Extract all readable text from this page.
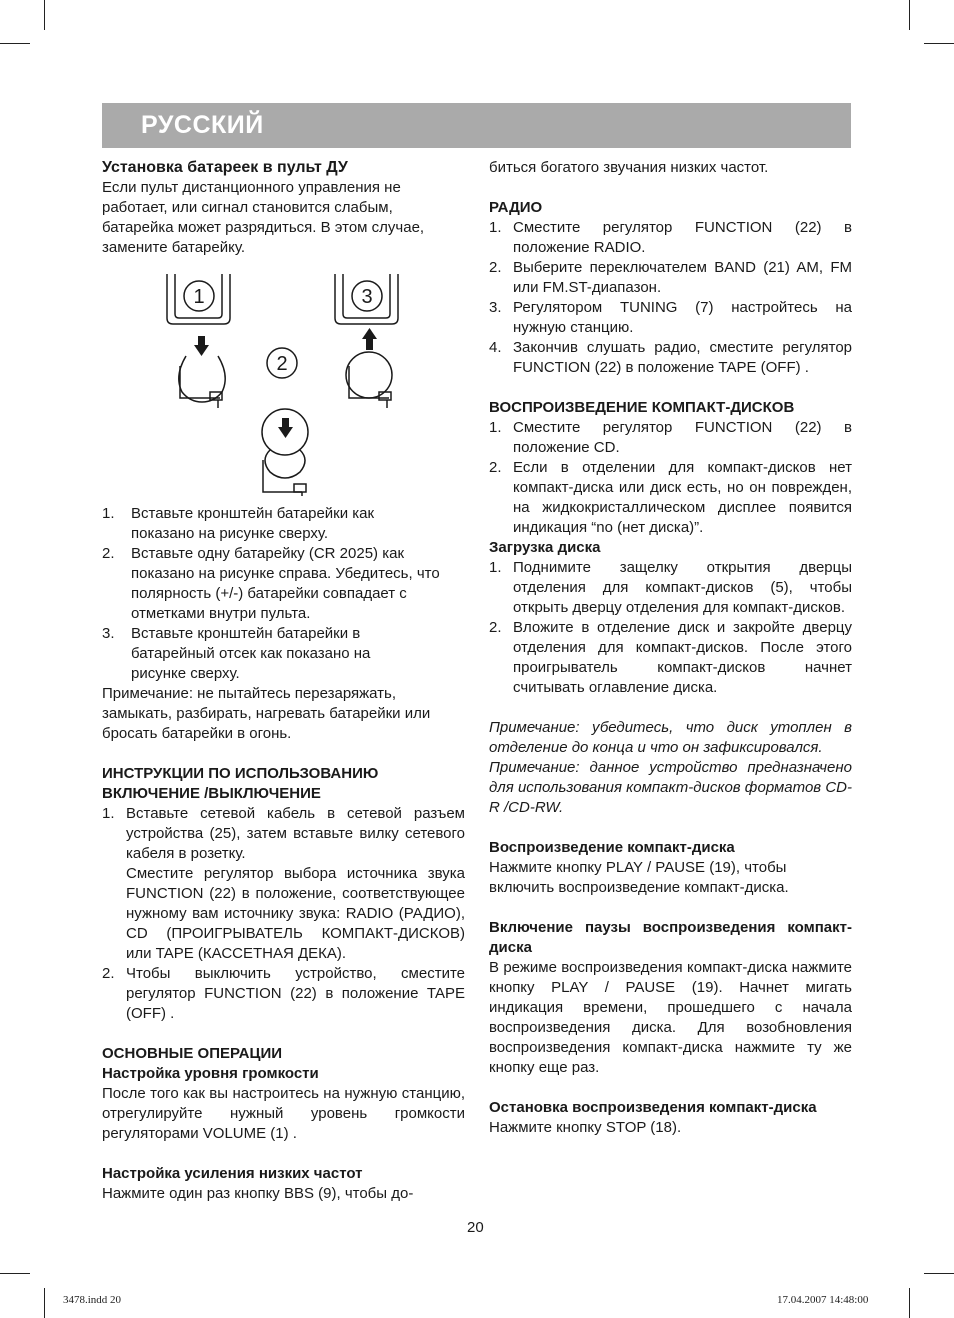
РУССКИЙ

Установка батареек в пульт ДУ

Если пульт дистанционного управления не работает, или сигнал становится слабым, батарейка может разрядиться. В этом случае, замените батарейку.

1	3
2
1. Вставьте кронштейн батарейки как показано на рисунке сверху.
2. Вставьте одну батарейку (CR 2025) как показано на рисунке справа. Убедитесь, что полярность (+/-) батарейки совпадает с отметками внутри пульта.
3. Вставьте кронштейн батарейки в батарейный отсек как показано на рисунке сверху.

Примечание: не пытайтесь перезаряжать, замыкать, разбирать, нагревать батарейки или бросать батарейки в огонь.

ИНСТРУКЦИИ ПО ИСПОЛЬЗОВАНИЮ

ВКЛЮЧЕНИЕ /ВЫКЛЮЧЕНИЕ

1. Вставьте сетевой кабель в сетевой разъем устройства (25), затем вставьте вилку сетевого кабеля в розетку.
Сместите регулятор выбора источника звука FUNCTION (22) в положение, соответствующее нужному вам источнику звука: RADIO (РАДИО), CD (ПРОИГРЫВАТЕЛЬ КОМПАКТ-ДИСКОВ) или TAPE (КАССЕТНАЯ ДЕКА).
2. Чтобы выключить устройство, сместите регулятор FUNCTION (22) в положение TAPE (OFF) .

ОСНОВНЫЕ ОПЕРАЦИИ

Настройка уровня громкости

После того как вы настроитесь на нужную станцию, отрегулируйте нужный уровень громкости регуляторами VOLUME (1) .

Настройка усиления низких частот

Нажмите один раз кнопку BBS (9), чтобы до-

биться богатого звучания низких частот.

РАДИО

1. Сместите регулятор FUNCTION (22) в положение RADIO.
2. Выберите переключателем BAND (21) AM, FM или FM.ST-диапазон.
3. Регулятором TUNING (7) настройтесь на нужную станцию.
4. Закончив слушать радио, сместите регулятор FUNCTION (22) в положение TAPE (OFF) .

ВОСПРОИЗВЕДЕНИЕ КОМПАКТ-ДИСКОВ

1. Сместите регулятор FUNCTION (22) в положение CD.
2. Если в отделении для компакт-дисков нет компакт-диска или диск есть, но он поврежден, на жидкокристаллическом дисплее появится индикация “no (нет диска)”.

Загрузка диска

1. Поднимите защелку открытия дверцы отделения для компакт-дисков (5), чтобы открыть дверцу отделения для компакт-дисков.
2. Вложите в отделение диск и закройте дверцу отделения для компакт-дисков. После этого проигрыватель компакт-дисков начнет считывать оглавление диска.

Примечание: убедитесь, что диск утоплен в отделение до конца и что он зафиксировался.

Примечание: данное устройство предназначено для использования компакт-дисков форматов CD-R /CD-RW.

Воспроизведение компакт-диска

Нажмите кнопку PLAY / PAUSE (19), чтобы включить воспроизведение компакт-диска.

Включение паузы воспроизведения компакт-диска

В режиме воспроизведения компакт-диска нажмите кнопку PLAY / PAUSE (19). Начнет мигать индикация времени, прошедшего с начала воспроизведения диска. Для возобновления воспроизведения компакт-диска нажмите ту же кнопку еще раз.

Остановка воспроизведения компакт-диска

Нажмите кнопку STOP (18).

20
3478.indd 20	17.04.2007 14:48:00
